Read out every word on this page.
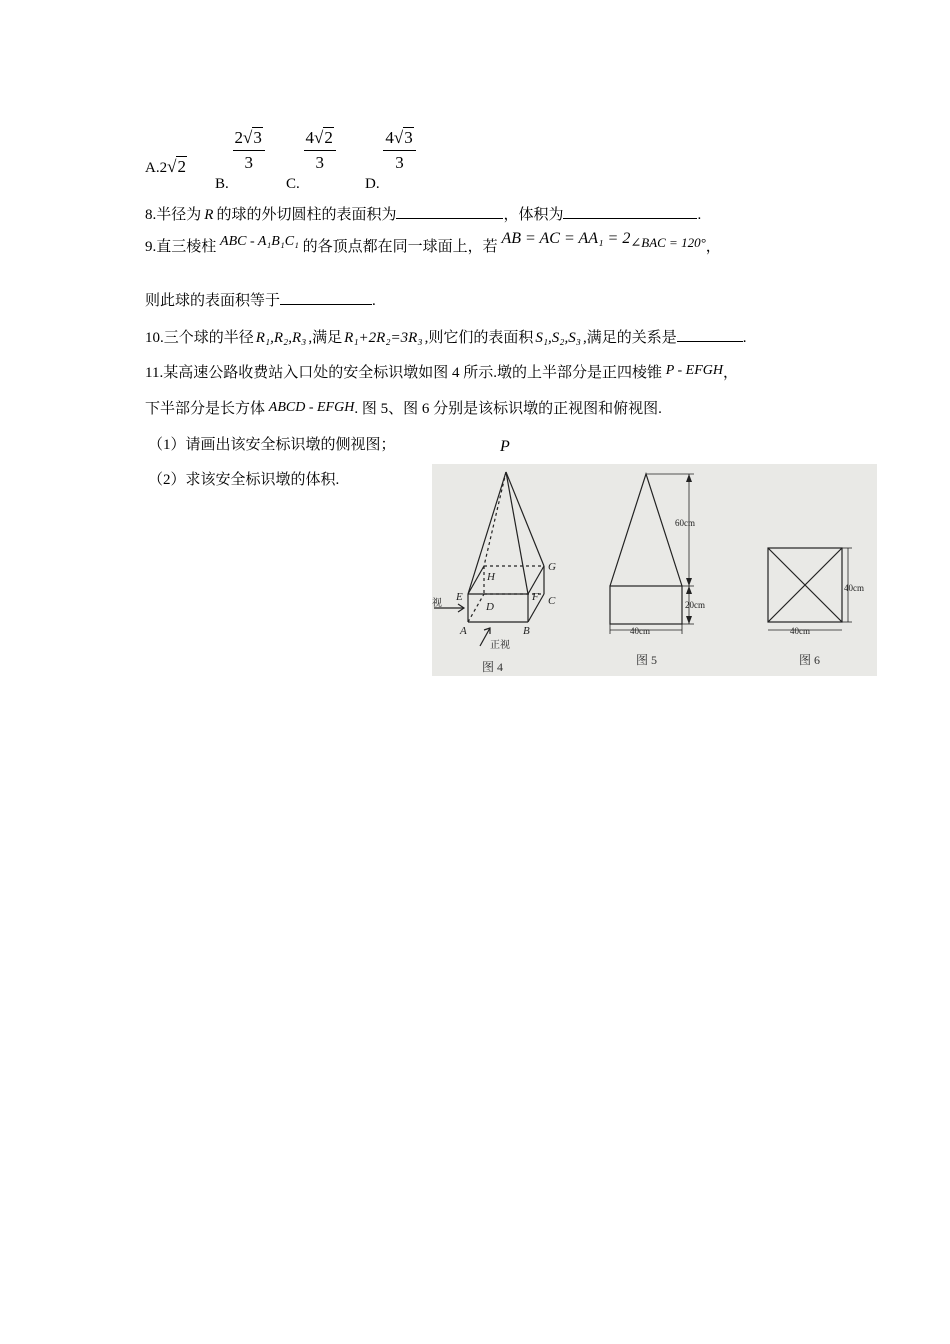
A.2√2
B.
$\frac{2√3}{3}$
C.
$\frac{4√2}{3}$
D.
$\frac{4√3}{3}$
8.半径为 R 的球的外切圆柱的表面积为	，体积为	.
9.直三棱柱 ABC - A₁B₁C₁ 的各顶点都在同一球面上，若 AB = AC = AA₁ = 2∠BAC = 120°，
则此球的表面积等于	.
10.三个球的半径 R₁,R₂,R₃ ,满足 R₁+2R₂=3R₃ ,则它们的表面积 S₁,S₂,S₃ ,满足的关系是	.
11.某高速公路收费站入口处的安全标识墩如图 4 所示.墩的上半部分是正四棱锥 P - EFGH，
下半部分是长方体 ABCD - EFGH. 图 5、图 6 分别是该标识墩的正视图和俯视图.
（1）请画出该安全标识墩的侧视图；
（2）求该安全标识墩的体积.
P
E	F
G
H
A	B
C
D
视
正视
图 4
60cm
20cm
40cm
图 5
40cm
40cm
图 6
